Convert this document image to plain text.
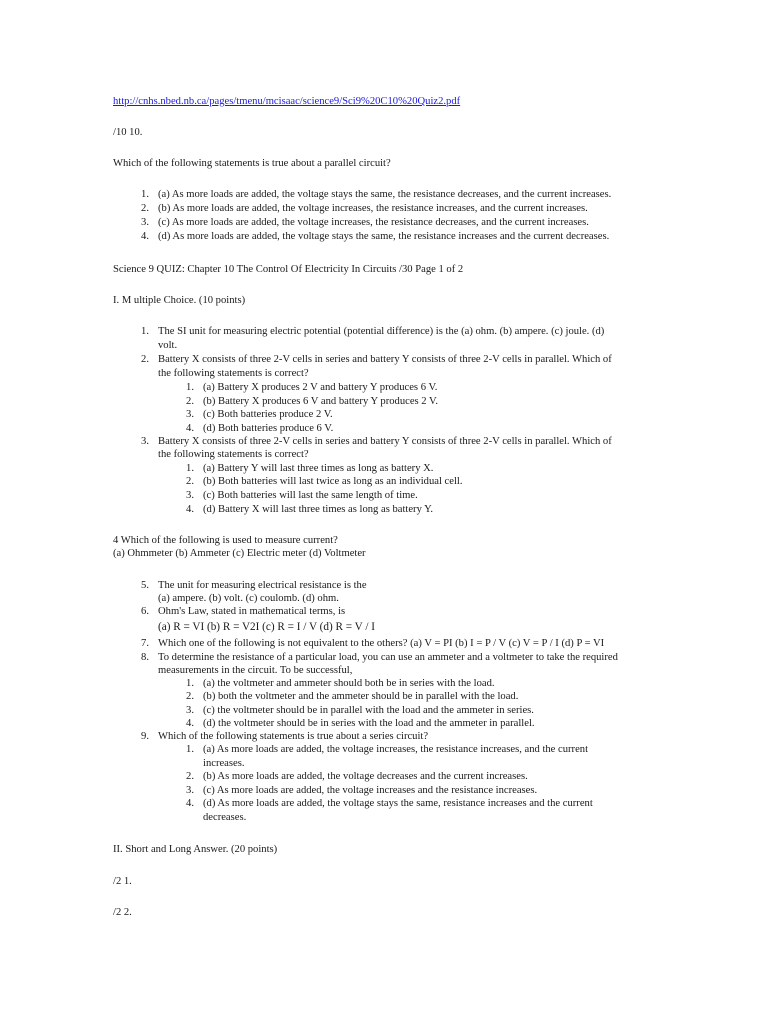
http://cnhs.nbed.nb.ca/pages/tmenu/mcisaac/science9/Sci9%20C10%20Quiz2.pdf
/10 10.
Which of the following statements is true about a parallel circuit?
1. (a) As more loads are added, the voltage stays the same, the resistance decreases, and the current increases.
2. (b) As more loads are added, the voltage increases, the resistance increases, and the current increases.
3. (c) As more loads are added, the voltage increases, the resistance decreases, and the current increases.
4. (d) As more loads are added, the voltage stays the same, the resistance increases and the current decreases.
Science 9 QUIZ: Chapter 10 The Control Of Electricity In Circuits /30 Page 1 of 2
I. M ultiple Choice. (10 points)
1. The SI unit for measuring electric potential (potential difference) is the (a) ohm. (b) ampere. (c) joule. (d)
volt.
2. Battery X consists of three 2-V cells in series and battery Y consists of three 2-V cells in parallel. Which of
the following statements is correct?
1. (a) Battery X produces 2 V and battery Y produces 6 V.
2. (b) Battery X produces 6 V and battery Y produces 2 V.
3. (c) Both batteries produce 2 V.
4. (d) Both batteries produce 6 V.
3. Battery X consists of three 2-V cells in series and battery Y consists of three 2-V cells in parallel. Which of
the following statements is correct?
1. (a) Battery Y will last three times as long as battery X.
2. (b) Both batteries will last twice as long as an individual cell.
3. (c) Both batteries will last the same length of time.
4. (d) Battery X will last three times as long as battery Y.
4 Which of the following is used to measure current?
(a) Ohmmeter (b) Ammeter (c) Electric meter (d) Voltmeter
5. The unit for measuring electrical resistance is the
(a) ampere. (b) volt. (c) coulomb. (d) ohm.
6. Ohm's Law, stated in mathematical terms, is
(a) R = VI (b) R = V2I (c) R = I / V (d) R = V / I
7. Which one of the following is not equivalent to the others? (a) V = PI (b) I = P / V (c) V = P / I (d) P = VI
8. To determine the resistance of a particular load, you can use an ammeter and a voltmeter to take the required
measurements in the circuit. To be successful,
1. (a) the voltmeter and ammeter should both be in series with the load.
2. (b) both the voltmeter and the ammeter should be in parallel with the load.
3. (c) the voltmeter should be in parallel with the load and the ammeter in series.
4. (d) the voltmeter should be in series with the load and the ammeter in parallel.
9. Which of the following statements is true about a series circuit?
1. (a) As more loads are added, the voltage increases, the resistance increases, and the current
increases.
2. (b) As more loads are added, the voltage decreases and the current increases.
3. (c) As more loads are added, the voltage increases and the resistance increases.
4. (d) As more loads are added, the voltage stays the same, resistance increases and the current
decreases.
II. Short and Long Answer. (20 points)
/2 1.
/2 2.
